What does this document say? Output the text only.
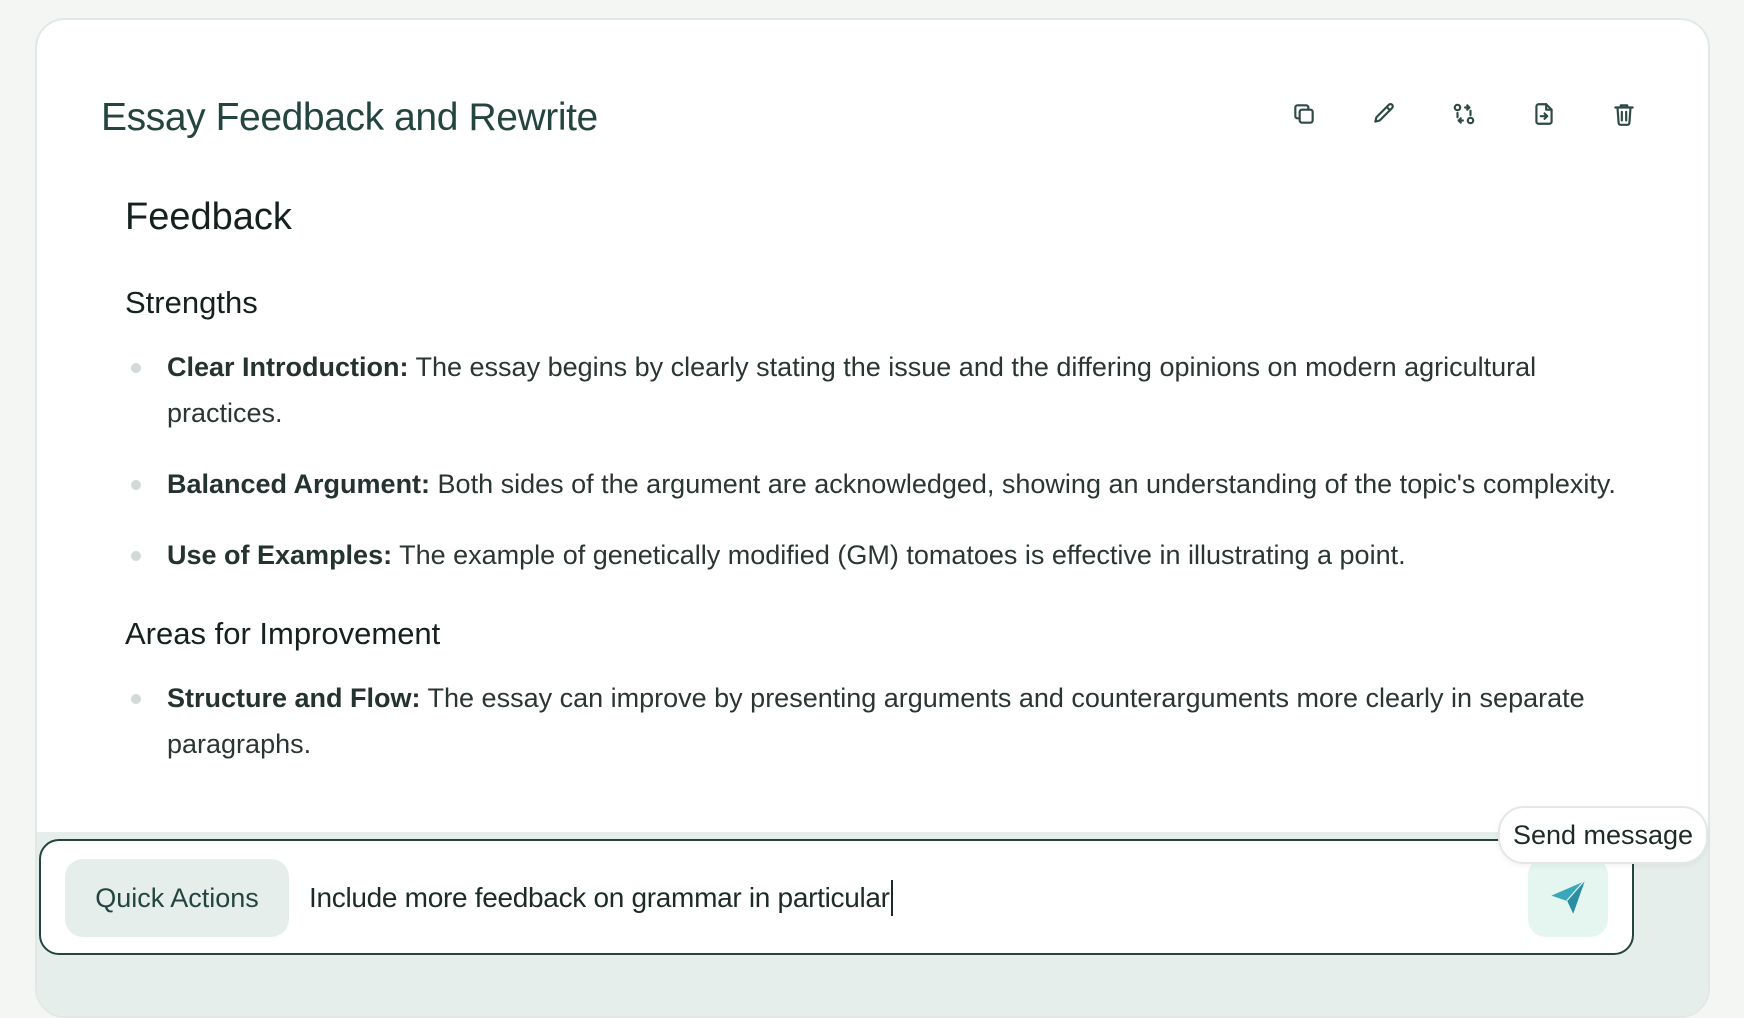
Essay Feedback and Rewrite
Feedback
Strengths
Clear Introduction: The essay begins by clearly stating the issue and the differing opinions on modern agricultural practices.
Balanced Argument: Both sides of the argument are acknowledged, showing an understanding of the topic's complexity.
Use of Examples: The example of genetically modified (GM) tomatoes is effective in illustrating a point.
Areas for Improvement
Structure and Flow: The essay can improve by presenting arguments and counterarguments more clearly in separate paragraphs.
Quick Actions	Include more feedback on grammar in particular
Send message
